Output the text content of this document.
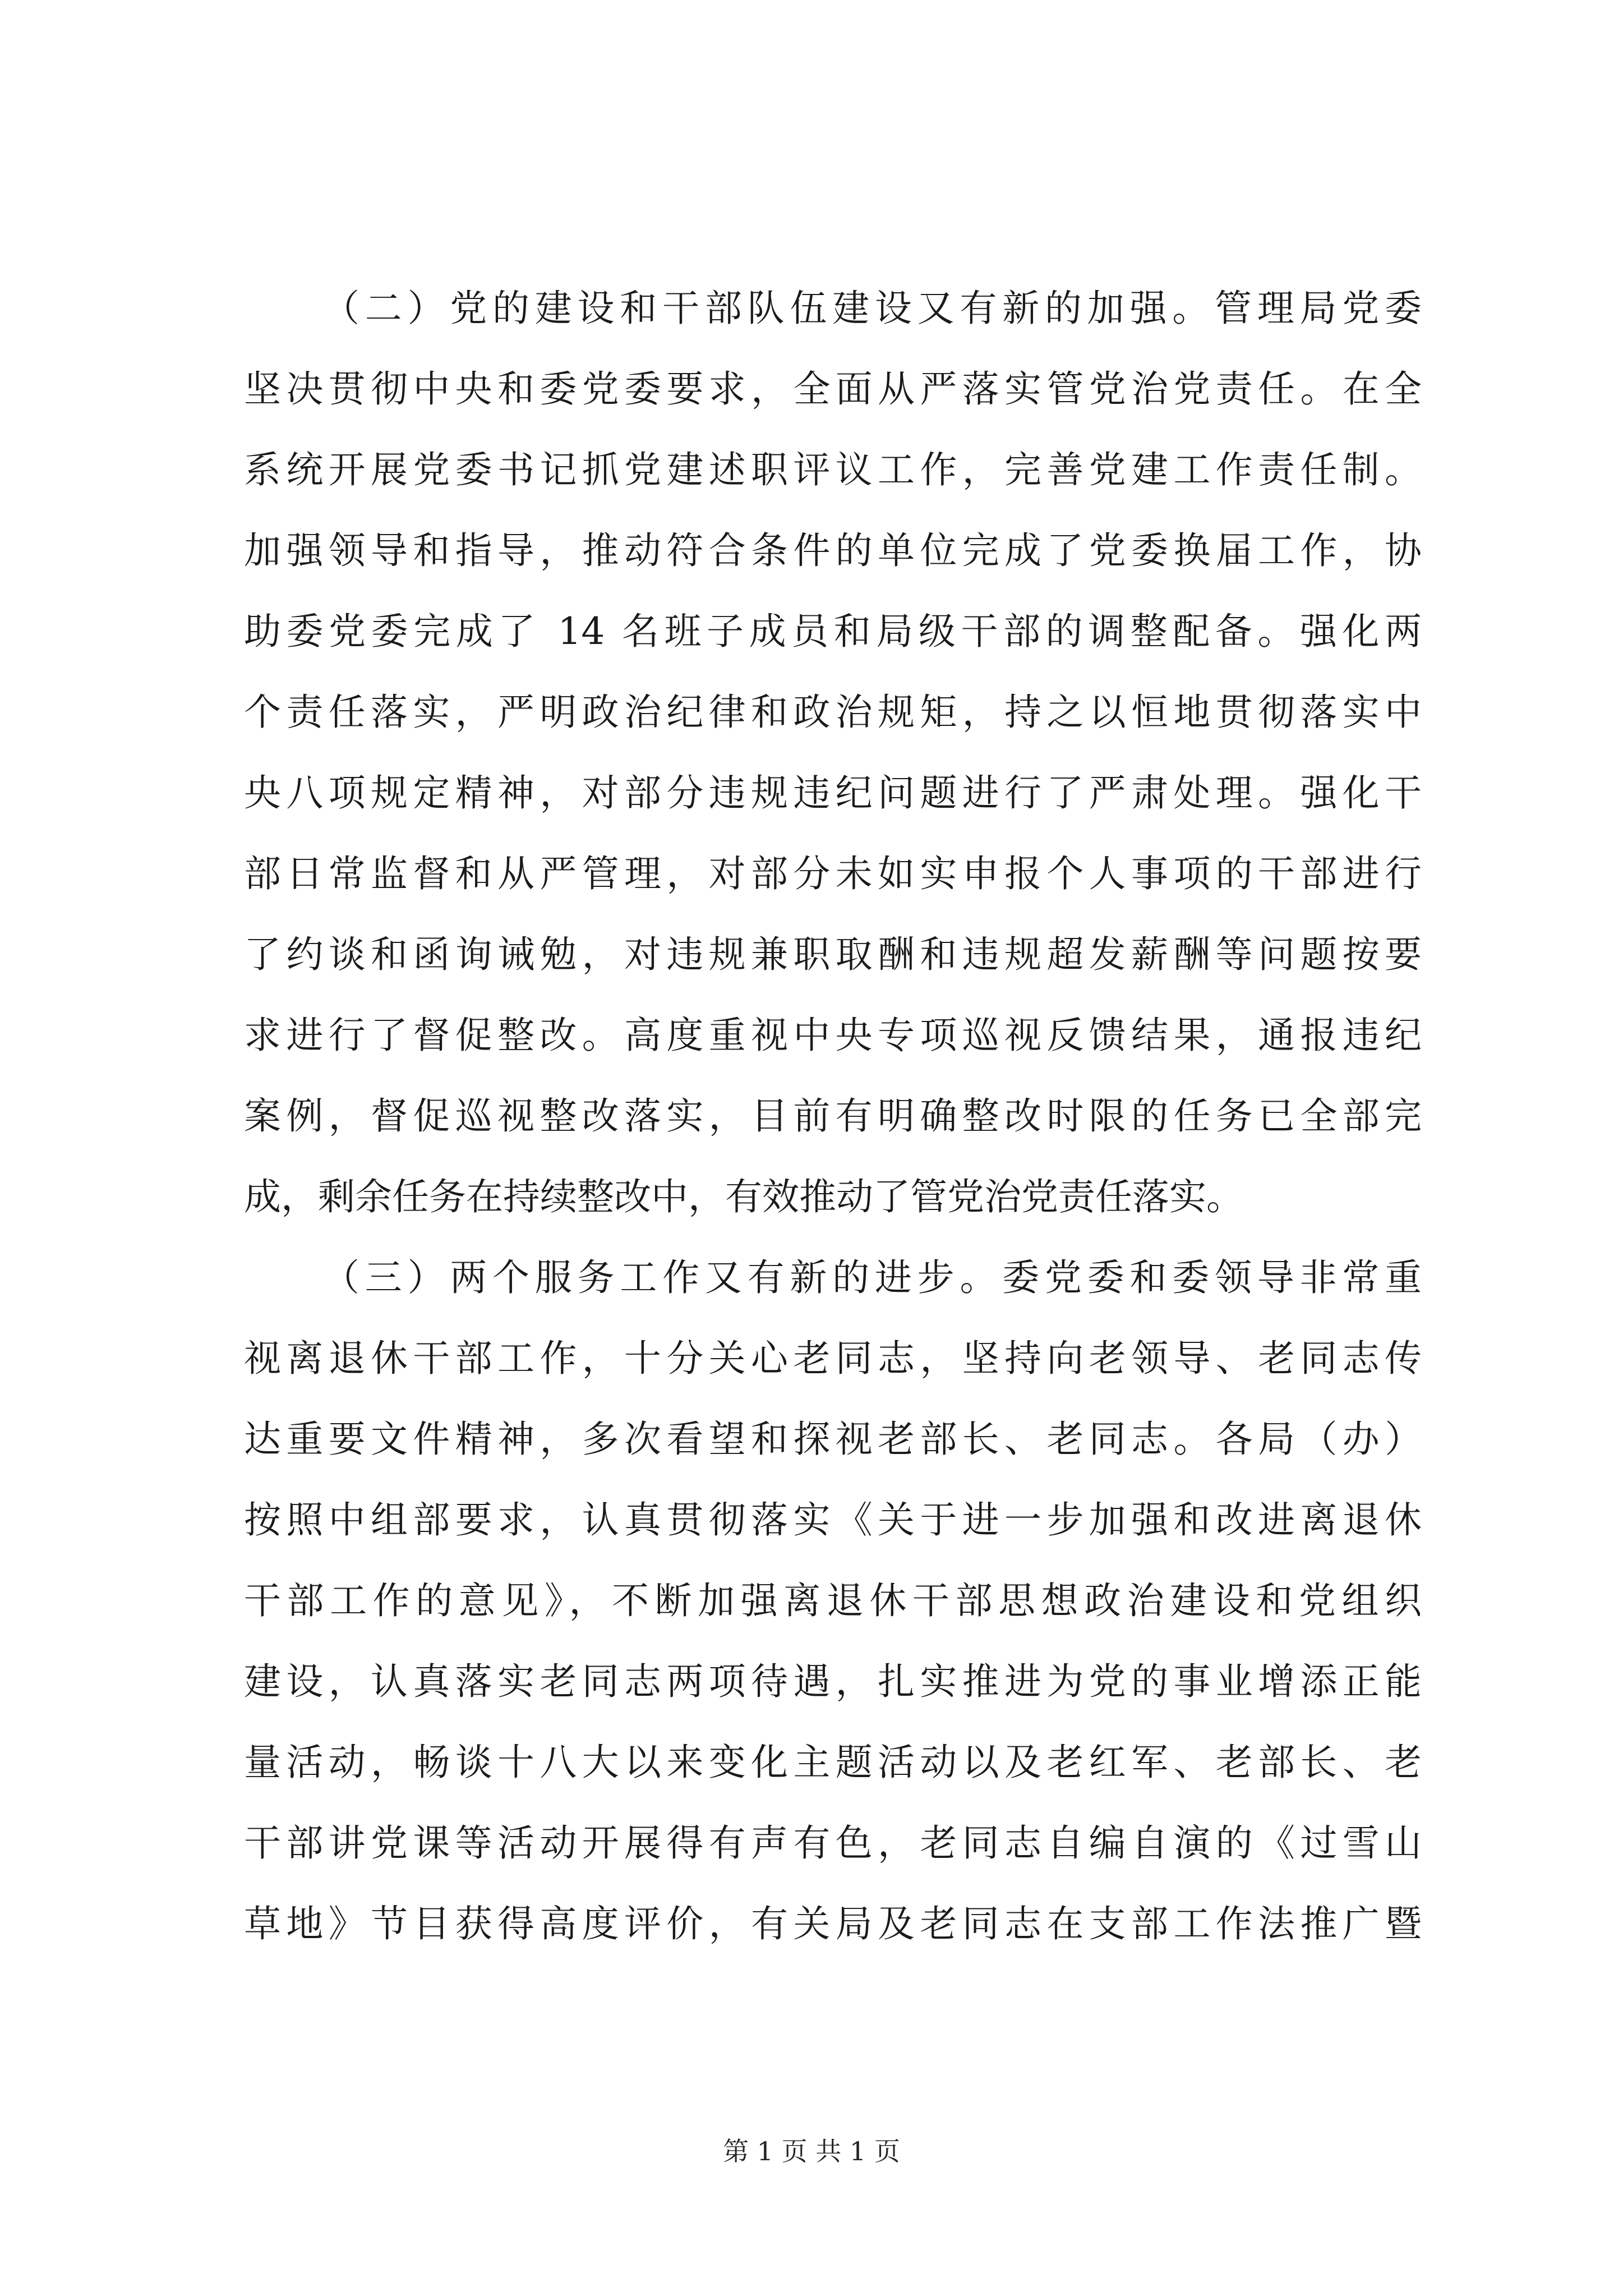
（二）党的建设和干部队伍建设又有新的加强。管理局党委
坚决贯彻中央和委党委要求，全面从严落实管党治党责任。在全
系统开展党委书记抓党建述职评议工作，完善党建工作责任制。
加强领导和指导，推动符合条件的单位完成了党委换届工作，协
助委党委完成了 14 名班子成员和局级干部的调整配备。强化两
个责任落实，严明政治纪律和政治规矩，持之以恒地贯彻落实中
央八项规定精神，对部分违规违纪问题进行了严肃处理。强化干
部日常监督和从严管理，对部分未如实申报个人事项的干部进行
了约谈和函询诫勉，对违规兼职取酬和违规超发薪酬等问题按要
求进行了督促整改。高度重视中央专项巡视反馈结果，通报违纪
案例，督促巡视整改落实，目前有明确整改时限的任务已全部完
成，剩余任务在持续整改中，有效推动了管党治党责任落实。
（三）两个服务工作又有新的进步。委党委和委领导非常重
视离退休干部工作，十分关心老同志，坚持向老领导、老同志传
达重要文件精神，多次看望和探视老部长、老同志。各局（办）
按照中组部要求，认真贯彻落实《关于进一步加强和改进离退休
干部工作的意见》，不断加强离退休干部思想政治建设和党组织
建设，认真落实老同志两项待遇，扎实推进为党的事业增添正能
量活动，畅谈十八大以来变化主题活动以及老红军、老部长、老
干部讲党课等活动开展得有声有色，老同志自编自演的《过雪山
草地》节目获得高度评价，有关局及老同志在支部工作法推广暨
第 1 页 共 1 页
